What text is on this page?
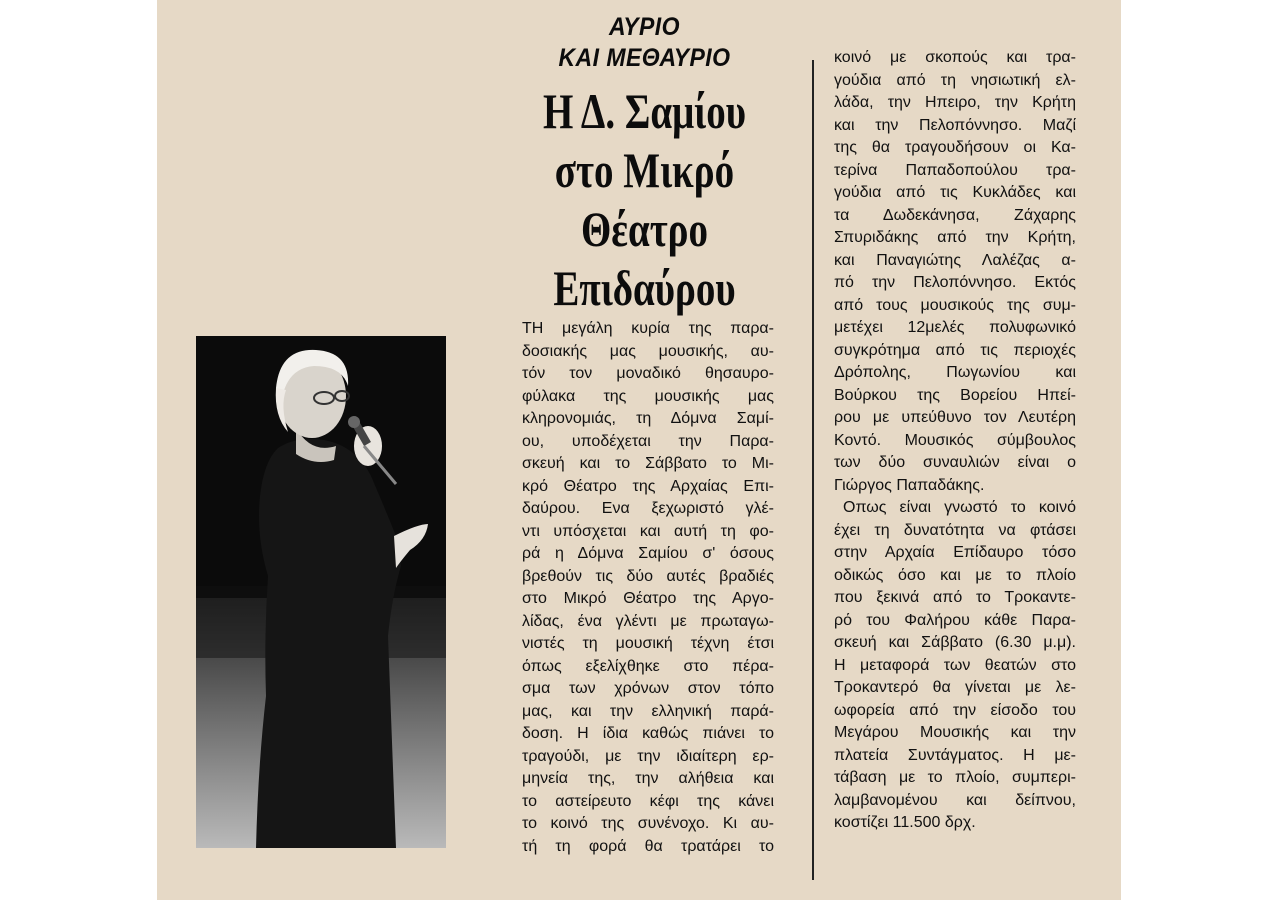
ΑΥΡΙΟ
ΚΑΙ ΜΕΘΑΥΡΙΟ
Η Δ. Σαμίου
στο Μικρό
Θέατρο
Επιδαύρου
ΤΗ μεγάλη κυρία της παρα-
δοσιακής μας μουσικής, αυ-
τόν τον μοναδικό θησαυρο-
φύλακα της μουσικής μας
κληρονομιάς, τη Δόμνα Σαμί-
ου, υποδέχεται την Παρα-
σκευή και το Σάββατο το Μι-
κρό Θέατρο της Αρχαίας Επι-
δαύρου. Ενα ξεχωριστό γλέ-
ντι υπόσχεται και αυτή τη φο-
ρά η Δόμνα Σαμίου σ' όσους
βρεθούν τις δύο αυτές βραδιές
στο Μικρό Θέατρο της Αργο-
λίδας, ένα γλέντι με πρωταγω-
νιστές τη μουσική τέχνη έτσι
όπως εξελίχθηκε στο πέρα-
σμα των χρόνων στον τόπο
μας, και την ελληνική παρά-
δοση. Η ίδια καθώς πιάνει το
τραγούδι, με την ιδιαίτερη ερ-
μηνεία της, την αλήθεια και
το αστείρευτο κέφι της κάνει
το κοινό της συνένοχο. Κι αυ-
τή τη φορά θα τρατάρει το
κοινό με σκοπούς και τρα-
γούδια από τη νησιωτική ελ-
λάδα, την Ηπειρο, την Κρήτη
και την Πελοπόννησο. Μαζί
της θα τραγουδήσουν οι Κα-
τερίνα Παπαδοπούλου τρα-
γούδια από τις Κυκλάδες και
τα Δωδεκάνησα, Ζάχαρης
Σπυριδάκης από την Κρήτη,
και Παναγιώτης Λαλέζας α-
πό την Πελοπόννησο. Εκτός
από τους μουσικούς της συμ-
μετέχει 12μελές πολυφωνικό
συγκρότημα από τις περιοχές
Δρόπολης, Πωγωνίου και
Βούρκου της Βορείου Ηπεί-
ρου με υπεύθυνο τον Λευτέρη
Κοντό. Μουσικός σύμβουλος
των δύο συναυλιών είναι ο
Γιώργος Παπαδάκης.
Οπως είναι γνωστό το κοινό
έχει τη δυνατότητα να φτάσει
στην Αρχαία Επίδαυρο τόσο
οδικώς όσο και με το πλοίο
που ξεκινά από το Τροκαντε-
ρό του Φαλήρου κάθε Παρα-
σκευή και Σάββατο (6.30 μ.μ).
Η μεταφορά των θεατών στο
Τροκαντερό θα γίνεται με λε-
ωφορεία από την είσοδο του
Μεγάρου Μουσικής και την
πλατεία Συντάγματος. Η με-
τάβαση με το πλοίο, συμπερι-
λαμβανομένου και δείπνου,
κοστίζει 11.500 δρχ.
